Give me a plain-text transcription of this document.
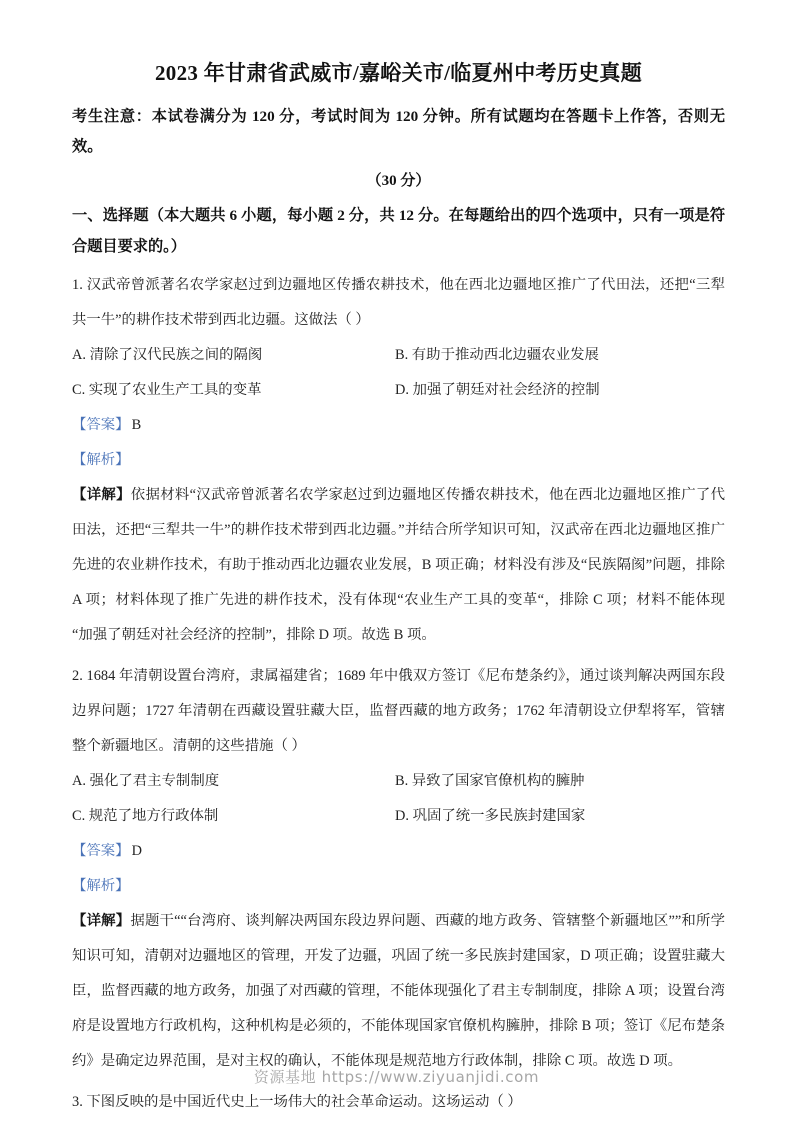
2023 年甘肃省武威市/嘉峪关市/临夏州中考历史真题

考生注意：本试卷满分为 120 分，考试时间为 120 分钟。所有试题均在答题卡上作答，否则无效。

（30 分）

一、选择题（本大题共 6 小题，每小题 2 分，共 12 分。在每题给出的四个选项中，只有一项是符合题目要求的。）

1. 汉武帝曾派著名农学家赵过到边疆地区传播农耕技术，他在西北边疆地区推广了代田法，还把“三犁共一牛”的耕作技术带到西北边疆。这做法（ ）

A. 清除了汉代民族之间的隔阂	B. 有助于推动西北边疆农业发展
C. 实现了农业生产工具的变革	D. 加强了朝廷对社会经济的控制
【答案】 B
【解析】

【详解】依据材料“汉武帝曾派著名农学家赵过到边疆地区传播农耕技术，他在西北边疆地区推广了代田法，还把“三犁共一牛”的耕作技术带到西北边疆。”并结合所学知识可知，汉武帝在西北边疆地区推广先进的农业耕作技术，有助于推动西北边疆农业发展，B 项正确；材料没有涉及“民族隔阂”问题，排除 A 项；材料体现了推广先进的耕作技术，没有体现“农业生产工具的变革“，排除 C 项；材料不能体现“加强了朝廷对社会经济的控制”，排除 D 项。故选 B 项。

2. 1684 年清朝设置台湾府，隶属福建省；1689 年中俄双方签订《尼布楚条约》，通过谈判解决两国东段边界问题；1727 年清朝在西藏设置驻藏大臣，监督西藏的地方政务；1762 年清朝设立伊犁将军，管辖整个新疆地区。清朝的这些措施（ ）

A. 强化了君主专制制度	B. 异致了国家官僚机构的臃肿
C. 规范了地方行政体制	D. 巩固了统一多民族封建国家
【答案】 D
【解析】

【详解】据题干““台湾府、谈判解决两国东段边界问题、西藏的地方政务、管辖整个新疆地区””和所学知识可知，清朝对边疆地区的管理，开发了边疆，巩固了统一多民族封建国家，D 项正确；设置驻藏大臣，监督西藏的地方政务，加强了对西藏的管理，不能体现强化了君主专制制度，排除 A 项；设置台湾府是设置地方行政机构，这种机构是必须的，不能体现国家官僚机构臃肿，排除 B 项；签订《尼布楚条约》是确定边界范围，是对主权的确认，不能体现是规范地方行政体制，排除 C 项。故选 D 项。

3. 下图反映的是中国近代史上一场伟大的社会革命运动。这场运动（ ）

资源基地 https://www.ziyuanjidi.com
